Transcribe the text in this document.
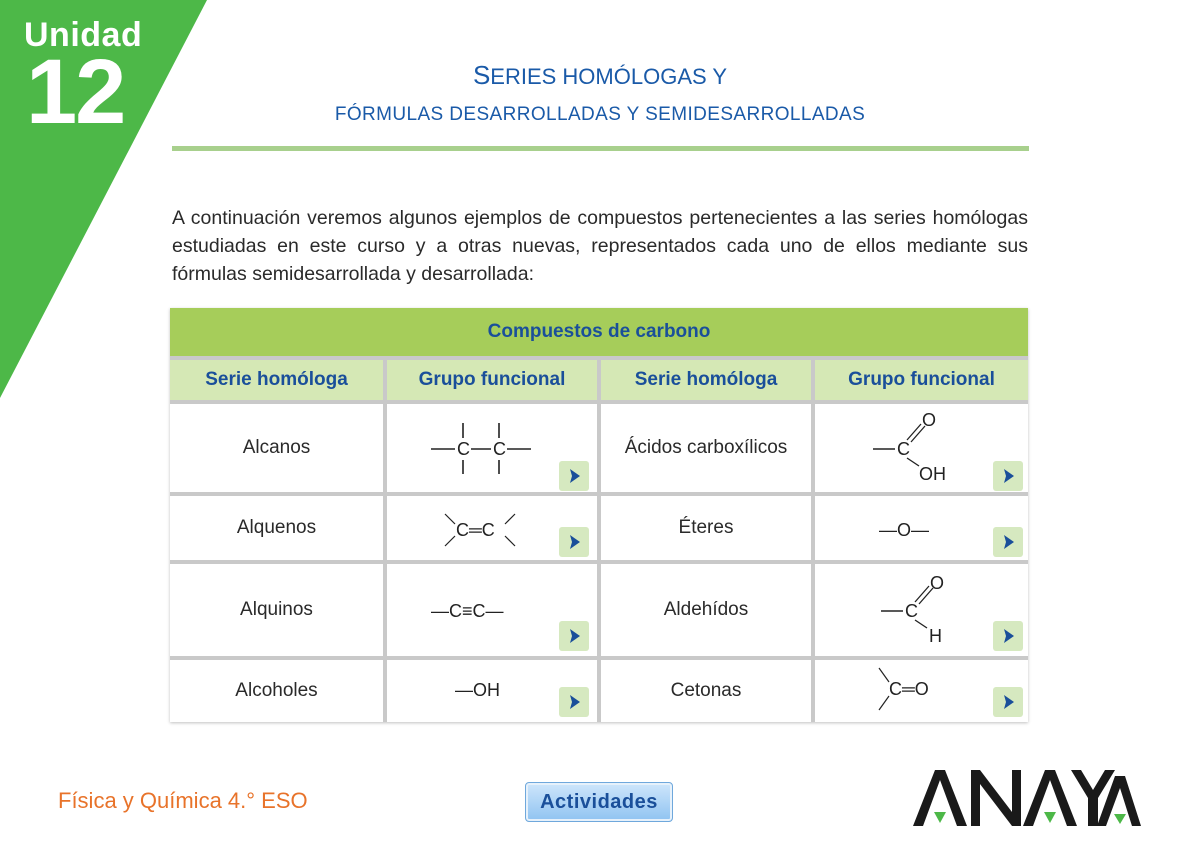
Unidad
12	SERIES HOMÓLOGAS Y
FÓRMULAS DESARROLLADAS Y SEMIDESARROLLADAS

A continuación veremos algunos ejemplos de compuestos pertenecientes a las series homólogas estudiadas en este curso y a otras nuevas, representados cada uno de ellos mediante sus fórmulas semidesarrollada y desarrollada:

Compuestos de carbono
Serie homóloga	Grupo funcional	Serie homóloga	Grupo funcional
Alcanos	C C	Ácidos carboxílicos	C
O
OH
Alquenos	C═C	Éteres	—O—
Alquinos	—C≡C—	Aldehídos	C
O
H
Alcoholes	—OH	Cetonas	C═O
Física y Química 4.° ESO	Actividades
